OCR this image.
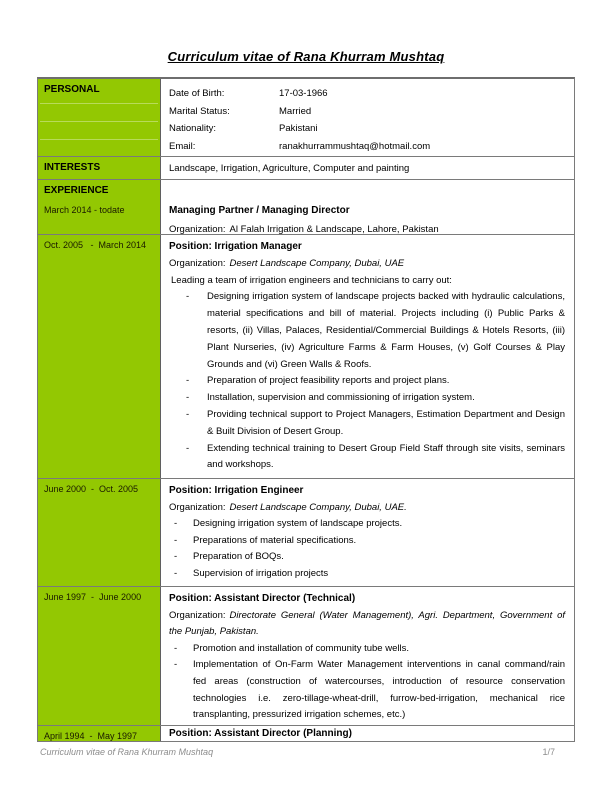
Curriculum vitae of Rana Khurram Mushtaq
PERSONAL	Date of Birth:	17-03-1966
Marital Status:	Married
Nationality:	Pakistani
Email:	ranakhurrammushtaq@hotmail.com
INTERESTS	Landscape, Irrigation, Agriculture, Computer and painting
EXPERIENCE
March 2014 - todate	Managing Partner / Managing Director
Organization: Al Falah Irrigation & Landscape, Lahore, Pakistan
Oct. 2005   -  March 2014	Position: Irrigation Manager
Organization: Desert Landscape Company, Dubai, UAE
Leading a team of irrigation engineers and technicians to carry out:
-	Designing irrigation system of landscape projects backed with hydraulic calculations, material specifications and bill of material. Projects including (i) Public Parks & resorts, (ii) Villas, Palaces, Residential/Commercial Buildings & Hotels Resorts, (iii) Plant Nurseries, (iv) Agriculture Farms & Farm Houses, (v) Golf Courses & Play Grounds and (vi) Green Walls & Roofs.
-	Preparation of project feasibility reports and project plans.
-	Installation, supervision and commissioning of irrigation system.
-	Providing technical support to Project Managers, Estimation Department and Design & Built Division of Desert Group.
-	Extending technical training to Desert Group Field Staff through site visits, seminars and workshops.
June 2000  -  Oct. 2005	Position: Irrigation Engineer
Organization: Desert Landscape Company, Dubai, UAE.
-	Designing irrigation system of landscape projects.
-	Preparations of material specifications.
-	Preparation of BOQs.
-	Supervision of irrigation projects
June 1997  -  June 2000	Position: Assistant Director (Technical)
Organization: Directorate General (Water Management), Agri. Department, Government of the Punjab, Pakistan.
-	Promotion and installation of community tube wells.
-	Implementation of On-Farm Water Management interventions in canal command/rain fed areas (construction of watercourses, introduction of resource conservation technologies i.e. zero-tillage-wheat-drill, furrow-bed-irrigation, mechanical rice transplanting, pressurized irrigation schemes, etc.)
April 1994  -  May 1997	Position: Assistant Director (Planning)
Curriculum vitae of Rana Khurram Mushtaq	1/7
